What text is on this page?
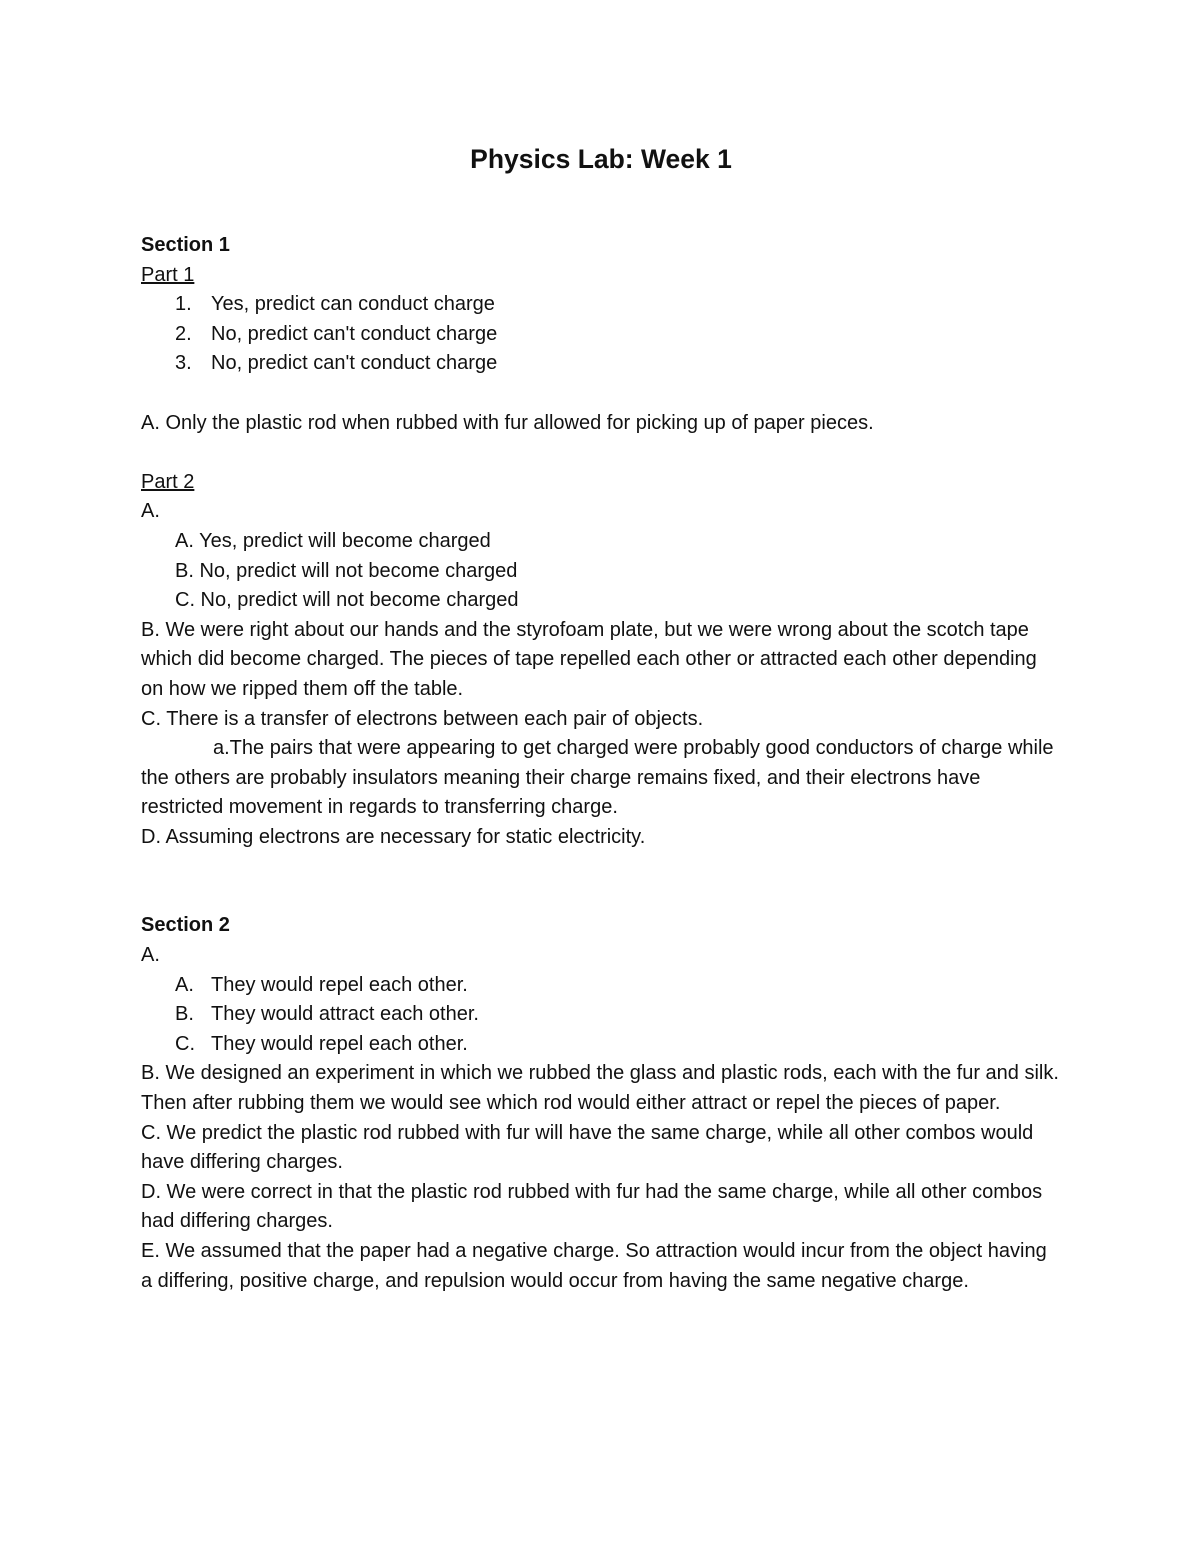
Physics Lab: Week 1

Section 1

Part 1

1. Yes, predict can conduct charge
2. No, predict can't conduct charge
3. No, predict can't conduct charge

A. Only the plastic rod when rubbed with fur allowed for picking up of paper pieces.

Part 2

A.

A. Yes, predict will become charged
B. No, predict will not become charged
C. No, predict will not become charged

B. We were right about our hands and the styrofoam plate, but we were wrong about the scotch tape which did become charged. The pieces of tape repelled each other or attracted each other depending on how we ripped them off the table.

C. There is a transfer of electrons between each pair of objects.

a.The pairs that were appearing to get charged were probably good conductors of charge while the others are probably insulators meaning their charge remains fixed, and their electrons have restricted movement in regards to transferring charge.

D. Assuming electrons are necessary for static electricity.

Section 2

A.

A. They would repel each other.
B. They would attract each other.
C. They would repel each other.

B. We designed an experiment in which we rubbed the glass and plastic rods, each with the fur and silk. Then after rubbing them we would see which rod would either attract or repel the pieces of paper.

C. We predict the plastic rod rubbed with fur will have the same charge, while all other combos would have differing charges.

D. We were correct in that the plastic rod rubbed with fur had the same charge, while all other combos had differing charges.

E. We assumed that the paper had a negative charge. So attraction would incur from the object having a differing, positive charge, and repulsion would occur from having the same negative charge.
